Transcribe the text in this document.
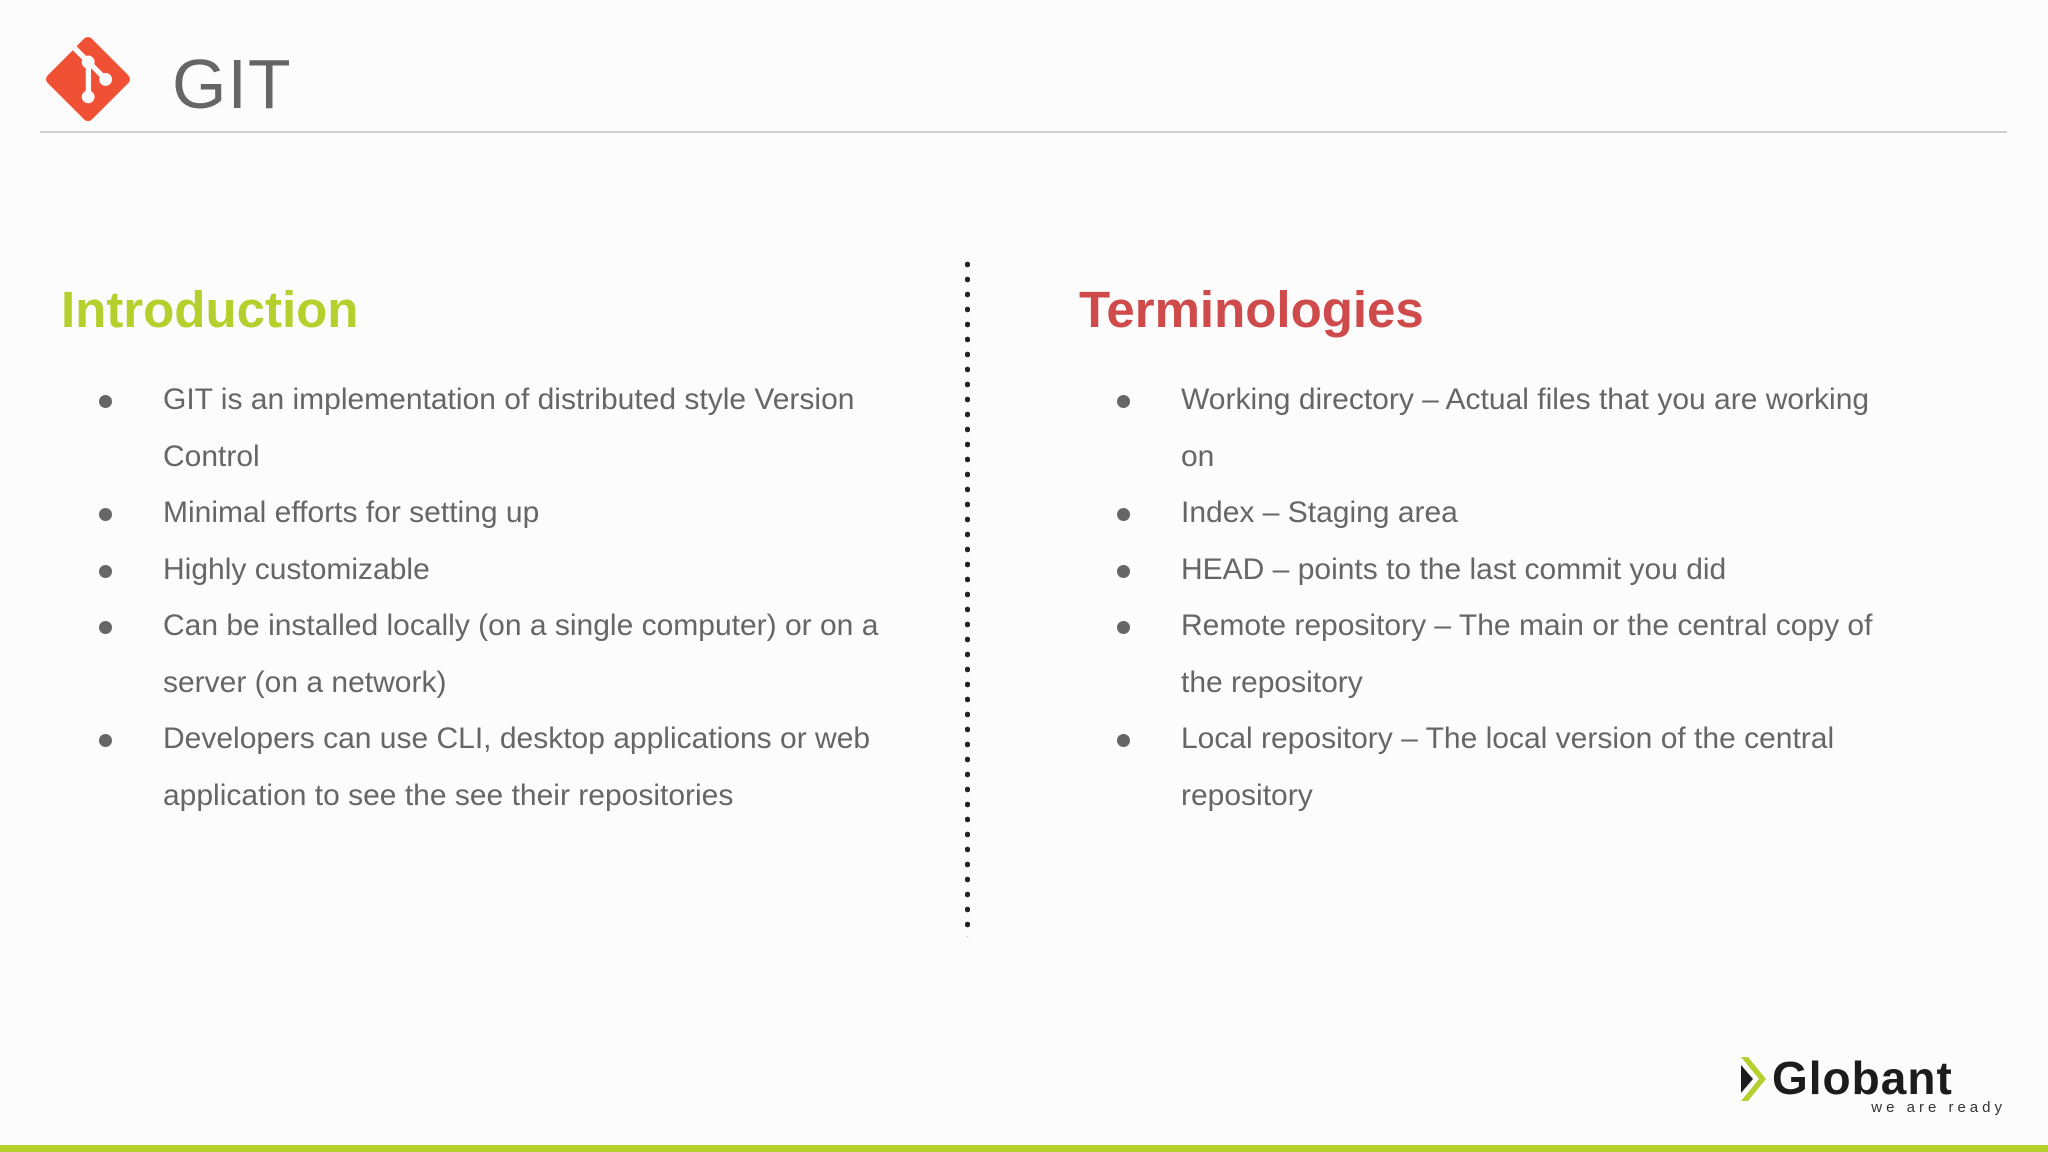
GIT
Introduction
GIT is an implementation of distributed style Version Control
Minimal efforts for setting up
Highly customizable
Can be installed locally (on a single computer) or on a server (on a network)
Developers can use CLI, desktop applications or web application to see the see their repositories
Terminologies
Working directory – Actual files that you are working on
Index – Staging area
HEAD – points to the last commit you did
Remote repository – The main or the central copy of the repository
Local repository – The local version of the central repository
Globant
we are ready
